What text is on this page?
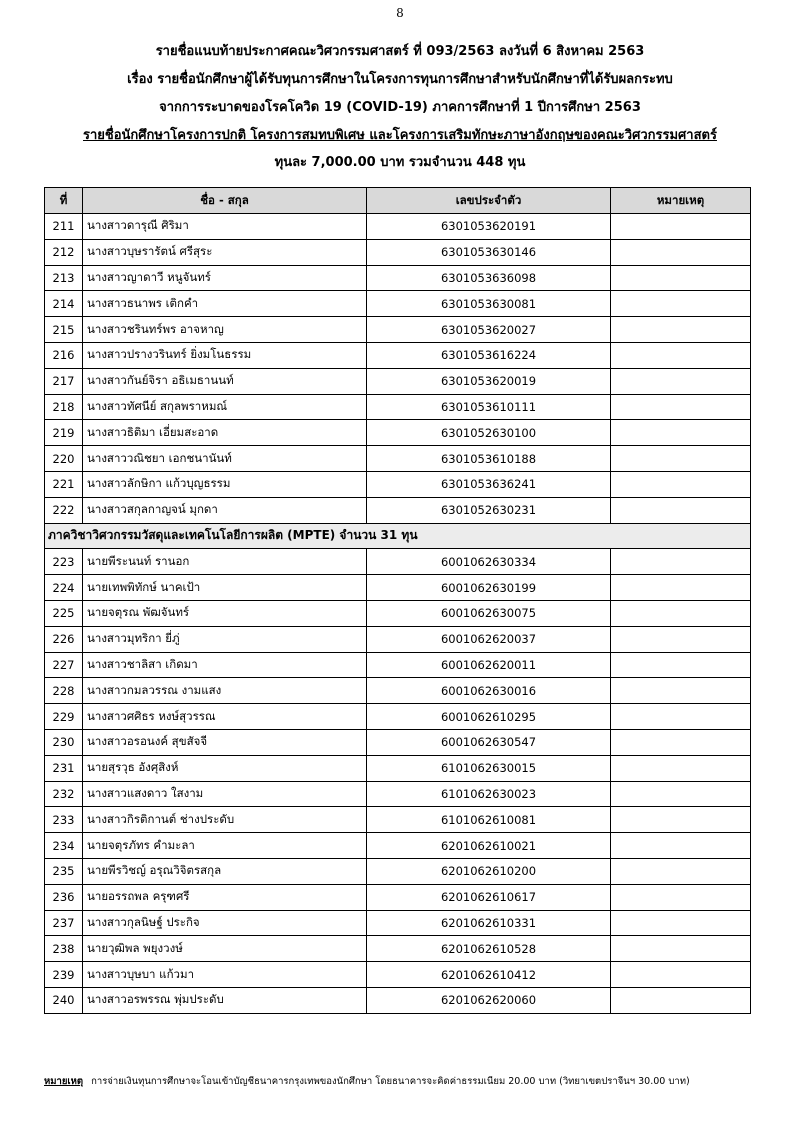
8
รายชื่อแนบท้ายประกาศคณะวิศวกรรมศาสตร์ ที่ 093/2563 ลงวันที่ 6 สิงหาคม 2563
เรื่อง รายชื่อนักศึกษาผู้ได้รับทุนการศึกษาในโครงการทุนการศึกษาสำหรับนักศึกษาที่ได้รับผลกระทบ
จากการระบาดของโรคโควิด 19 (COVID-19) ภาคการศึกษาที่ 1 ปีการศึกษา 2563
รายชื่อนักศึกษาโครงการปกติ โครงการสมทบพิเศษ และโครงการเสริมทักษะภาษาอังกฤษของคณะวิศวกรรมศาสตร์
ทุนละ 7,000.00 บาท รวมจำนวน 448 ทุน
ที่	ชื่อ - สกุล	เลขประจำตัว	หมายเหตุ
211	นางสาวดารุณี ศิริมา	6301053620191	
212	นางสาวบุษรารัตน์ ศรีสุระ	6301053630146	
213	นางสาวญาดาวี หนูจันทร์	6301053636098	
214	นางสาวธนาพร เติกคำ	6301053630081	
215	นางสาวชรินทร์พร อาจหาญ	6301053620027	
216	นางสาวปรางวรินทร์ ยิ่งมโนธรรม	6301053616224	
217	นางสาวกันย์จิรา อธิเมธานนท์	6301053620019	
218	นางสาวทัศนีย์ สกุลพราหมณ์	6301053610111	
219	นางสาวธิติมา เอี่ยมสะอาด	6301052630100	
220	นางสาววณิชยา เอกชนานันท์	6301053610188	
221	นางสาวลักษิกา แก้วบุญธรรม	6301053636241	
222	นางสาวสกุลกาญจน์ มุกดา	6301052630231	
ภาควิชาวิศวกรรมวัสดุและเทคโนโลยีการผลิต (MPTE) จำนวน 31 ทุน			
223	นายพีระนนท์ รานอก	6001062630334	
224	นายเทพพิทักษ์ นาคเป้า	6001062630199	
225	นายจตุรณ พัฒจันทร์	6001062630075	
226	นางสาวมุทริกา ยี่ภู่	6001062620037	
227	นางสาวชาลิสา เกิดมา	6001062620011	
228	นางสาวกมลวรรณ งามแสง	6001062630016	
229	นางสาวศศิธร หงษ์สุวรรณ	6001062610295	
230	นางสาวอรอนงค์ สุขสัจจี	6001062630547	
231	นายสุรวุธ อังศุสิงห์	6101062630015	
232	นางสาวแสงดาว ใสงาม	6101062630023	
233	นางสาวกิรติกานต์ ช่างประดับ	6101062610081	
234	นายจตุรภัทร คำมะลา	6201062610021	
235	นายพีรวิชญ์ อรุณวิจิตรสกุล	6201062610200	
236	นายอรรถพล ครุฑศรี	6201062610617	
237	นางสาวกุลนิษฐ์ ประกิจ	6201062610331	
238	นายวุฒิพล พยุงวงษ์	6201062610528	
239	นางสาวบุษบา แก้วมา	6201062610412	
240	นางสาวอรพรรณ พุ่มประดับ	6201062620060	
หมายเหตุ การจ่ายเงินทุนการศึกษาจะโอนเข้าบัญชีธนาคารกรุงเทพของนักศึกษา โดยธนาคารจะคิดค่าธรรมเนียม 20.00 บาท (วิทยาเขตปราจีนฯ 30.00 บาท)
